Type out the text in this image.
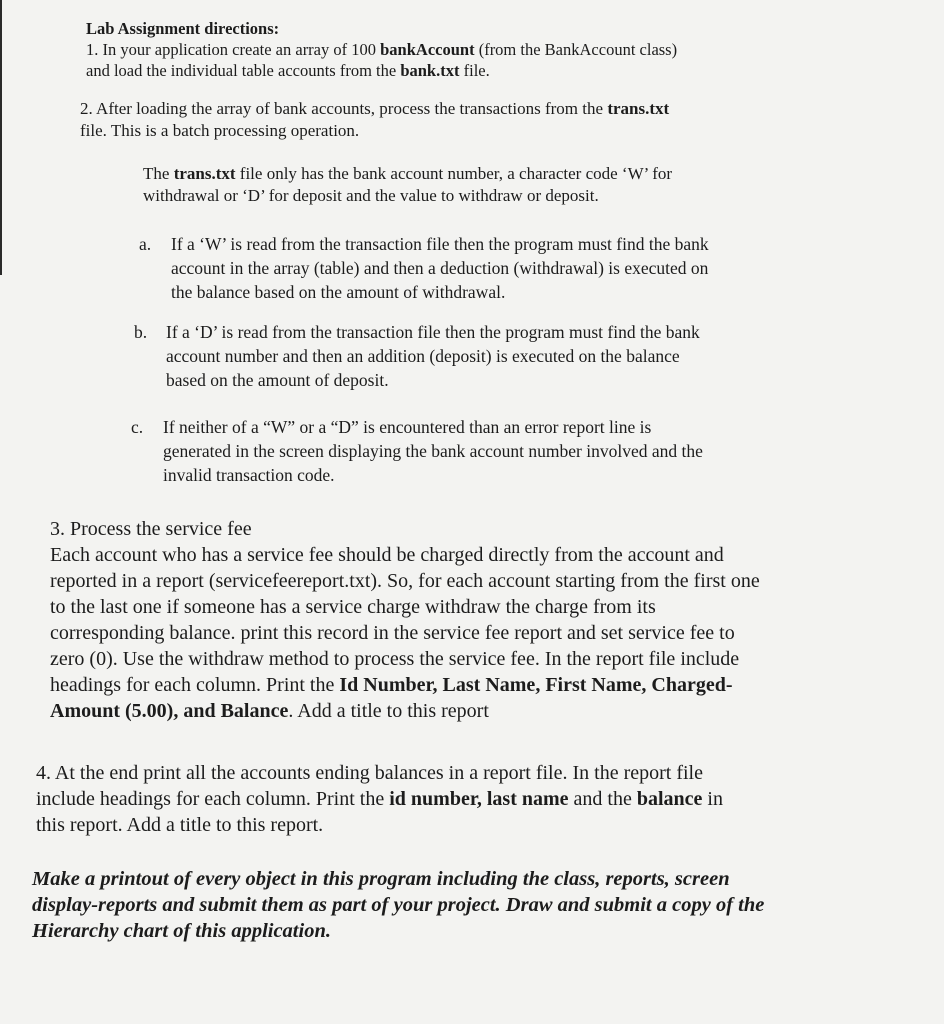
Lab Assignment directions:
1. In your application create an array of 100 bankAccount (from the BankAccount class)
and load the individual table accounts from the bank.txt file.
2. After loading the array of bank accounts, process the transactions from the trans.txt
file. This is a batch processing operation.
The trans.txt file only has the bank account number, a character code ‘W’ for
withdrawal or ‘D’ for deposit and the value to withdraw or deposit.
a. If a ‘W’ is read from the transaction file then the program must find the bank
account in the array (table) and then a deduction (withdrawal) is executed on
the balance based on the amount of withdrawal.
b. If a ‘D’ is read from the transaction file then the program must find the bank
account number and then an addition (deposit) is executed on the balance
based on the amount of deposit.
c. If neither of a “W” or a “D” is encountered than an error report line is
generated in the screen displaying the bank account number involved and the
invalid transaction code.
3. Process the service fee
Each account who has a service fee should be charged directly from the account and
reported in a report (servicefeereport.txt). So, for each account starting from the first one
to the last one if someone has a service charge withdraw the charge from its
corresponding balance. print this record in the service fee report and set service fee to
zero (0). Use the withdraw method to process the service fee. In the report file include
headings for each column. Print the Id Number, Last Name, First Name, Charged-
Amount (5.00), and Balance. Add a title to this report
4. At the end print all the accounts ending balances in a report file. In the report file
include headings for each column. Print the id number, last name and the balance in
this report. Add a title to this report.
Make a printout of every object in this program including the class, reports, screen
display-reports and submit them as part of your project. Draw and submit a copy of the
Hierarchy chart of this application.
